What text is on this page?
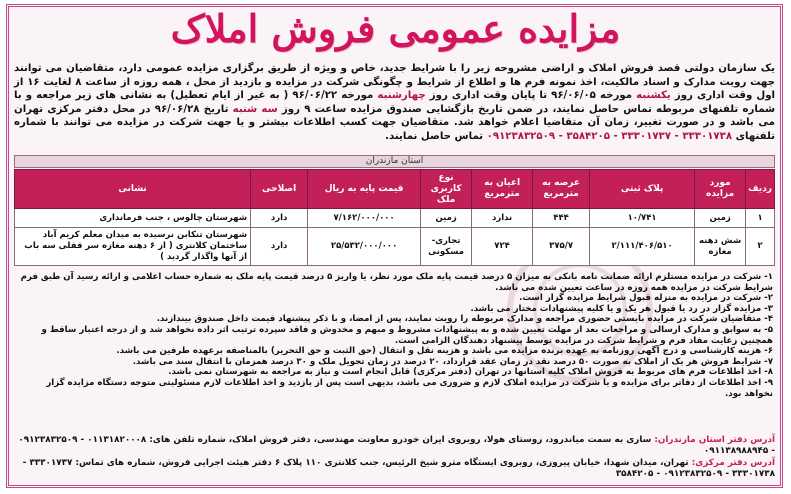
مزایده عمومی فروش املاک
یک سازمان دولتی قصد فروش املاک و اراضی مشروحه زیر را با شرایط جدید، خاص و ویژه از طریق برگزاری مزایده عمومی دارد، متقاضیان می توانند جهت رویت مدارک و اسناد مالکیت، اخذ نمونه فرم ها و اطلاع از شرایط و چگونگی شرکت در مزایده و بازدید از محل ، همه روزه از ساعت ۸ لغایت ۱۶ از اول وقت اداری روز یکشنبه مورخه ۹۶/۰۶/۰۵ تا پایان وقت اداری روز چهارشنبه مورخه ۹۶/۰۶/۲۲ ( به غیر از ایام تعطیل) به نشانی های زیر مراجعه و با شماره تلفنهای مربوطه تماس حاصل نمایند، در ضمن تاریخ بازگشایی صندوق مزایده ساعت ۹ روز سه شنبه تاریخ ۹۶/۰۶/۲۸ در محل دفتر مرکزی تهران می باشد و در صورت تغییر، زمان آن متقاضیا اعلام خواهد شد. متقاضیان جهت کسب اطلاعات بیشتر و یا جهت شرکت در مزایده می توانند با شماره تلفنهای ۳۳۳۰۱۷۳۸ - ۳۳۳۰۱۷۳۷ - ۳۵۸۴۲۰۵ - ۰۹۱۲۳۸۳۲۵۰۹ تماس حاصل نمایند.
استان مازندران
ردیف	مورد مزایده	پلاک ثبتی	عرصه به مترمربع	اعیان به مترمربع	نوع کاربری ملک	قیمت پایه به ریال	اصلاحی	نشانی
۱	زمین	۱۰/۷۴۱	۴۴۴	ندارد	زمین	۷/۱۶۲/۰۰۰/۰۰۰	دارد	شهرستان چالوس ، جنب فرمانداری
۲	شش دهنه مغازه	۲/۱۱۱/۴۰۶/۵۱۰	۳۷۵/۷	۷۲۴	تجاری- مسکونی	۲۵/۵۳۲/۰۰۰/۰۰۰	دارد	شهرستان تنکابن نرسیده به میدان معلم کریم آباد ساختمان کلانتری ( از ۶ دهنه مغازه سر قفلی سه باب از آنها واگذار گردید )
۱- شرکت در مزایده مستلزم ارائه ضمانت نامه بانکی به میزان ۵ درصد قیمت پایه ملک مورد نظر، یا واریز ۵ درصد قیمت پایه ملک به شماره حساب اعلامی و ارائه رسید آن طبق فرم شرایط شرکت در مزایده همه روزه در ساعت تعیین شده می باشد.
۲- شرکت در مزایده به منزله قبول شرایط مزایده گزار است.
۳- مزایده گزار در رد یا قبول هر یک و یا کلیه پیشنهادات مختار می باشد.
۴- متقاضیان شرکت در مزایده بایستی حضوری مراجعه و مدارک مربوطه را رویت نمایند، پس از امضا، و با ذکر پیشنهاد قیمت داخل صندوق بیندازند.
۵- به سوابق و مدارک ارسالی و مراجعات بعد از مهلت تعیین شده و به پیشنهادات مشروط و مبهم و مخدوش و فاقد سپرده ترتیب اثر داده نخواهد شد و از درجه اعتبار ساقط و همچنین رعایت مفاد فرم و شرایط شرکت در مزایده توسط پیشنهاد دهندگان الزامی است.
۶- هزینه کارشناسی و درج آگهی روزنامه به عهده برنده مزایده می باشد و هزینه نقل و انتقال (حق الثبت و حق التحریر) بالمناصفه برعهده طرفین می باشد.
۷- شرایط فروش هر یک از املاک به صورت ۵۰ درصد نقد در زمان عقد قرارداد، ۲۰ درصد در زمان تحویل ملک و ۳۰ درصد همزمان با انتقال سند می باشد.
۸- اخذ اطلاعات فرم های مربوط به فروش املاک کلیه استانها در تهران (دفتر مرکزی) قابل انجام است و نیاز به مراجعه به شهرستان نمی باشد.
۹- اخذ اطلاعات از دفاتر برای مزایده و یا شرکت در مزایده املاک لازم و ضروری می باشد، بدیهی است پس از بازدید و اخذ اطلاعات لازم مسئولیتی متوجه دستگاه مزایده گزار نخواهد بود.
آدرس دفتر استان مازندران: ساری به سمت میاندرود، روستای هولا، روبروی ایران خودرو معاونت مهندسی، دفتر فروش املاک، شماره تلفن های: ۰۱۱۳۱۸۲۰۰۰۸ - ۰۹۱۲۳۸۳۲۵۰۹ - ۰۹۱۱۳۸۹۸۸۹۴۵
آدرس دفتر مرکزی: تهران، میدان شهدا، خیابان پیروزی، روبروی ایستگاه مترو شیخ الرئیس، جنب کلانتری ۱۱۰ پلاک ۶ دفتر هیئت اجرایی فروش، شماره های تماس: ۳۳۳۰۱۷۳۷ - ۳۳۳۰۱۷۳۸ - ۰۹۱۲۳۸۳۲۵۰۹ - ۳۵۸۴۲۰۵
